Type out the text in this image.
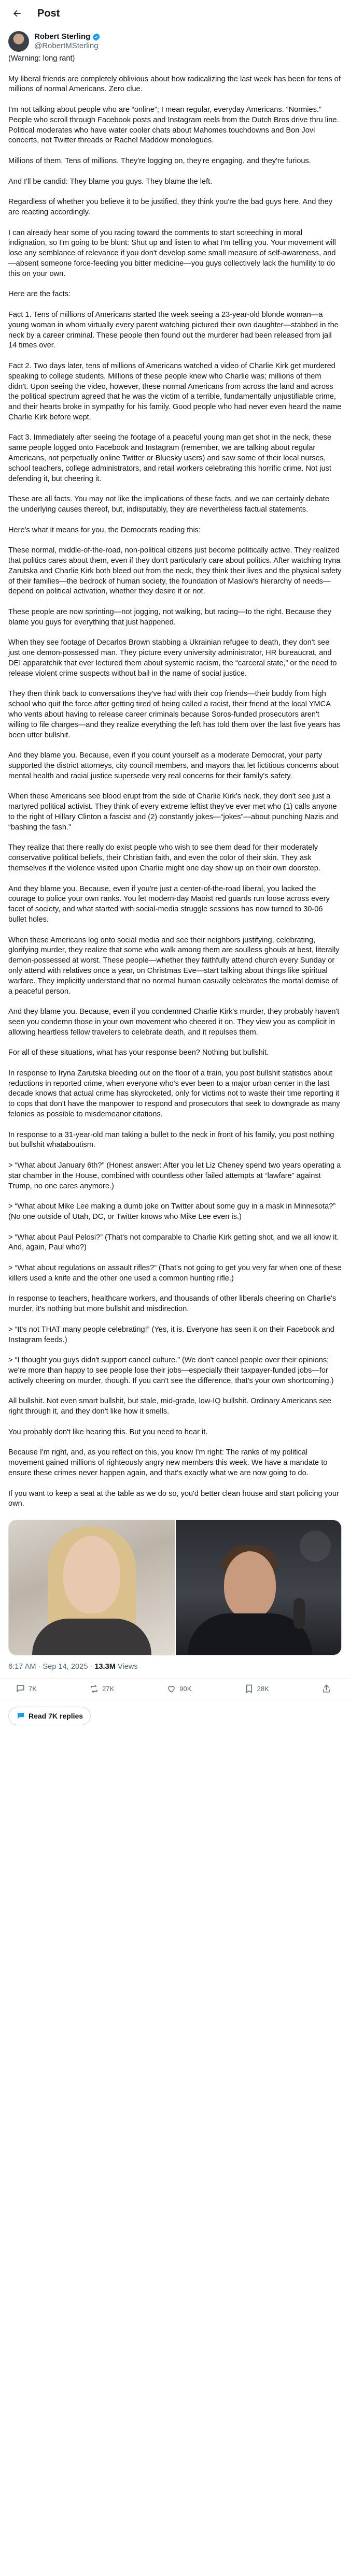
Post
Robert Sterling
@RobertMSterling

(Warning: long rant)

My liberal friends are completely oblivious about how radicalizing the last week has been for tens of millions of normal Americans. Zero clue.

I'm not talking about people who are “online”; I mean regular, everyday Americans. “Normies.” People who scroll through Facebook posts and Instagram reels from the Dutch Bros drive thru line. Political moderates who have water cooler chats about Mahomes touchdowns and Bon Jovi concerts, not Twitter threads or Rachel Maddow monologues.

Millions of them. Tens of millions. They're logging on, they're engaging, and they're furious.

And I'll be candid: They blame you guys. They blame the left.

Regardless of whether you believe it to be justified, they think you're the bad guys here. And they are reacting accordingly.

I can already hear some of you racing toward the comments to start screeching in moral indignation, so I'm going to be blunt: Shut up and listen to what I'm telling you. Your movement will lose any semblance of relevance if you don't develop some small measure of self-awareness, and—absent someone force-feeding you bitter medicine—you guys collectively lack the humility to do this on your own.

Here are the facts:

Fact 1. Tens of millions of Americans started the week seeing a 23-year-old blonde woman—a young woman in whom virtually every parent watching pictured their own daughter—stabbed in the neck by a career criminal. These people then found out the murderer had been released from jail 14 times over.

Fact 2. Two days later, tens of millions of Americans watched a video of Charlie Kirk get murdered speaking to college students. Millions of these people knew who Charlie was; millions of them didn't. Upon seeing the video, however, these normal Americans from across the land and across the political spectrum agreed that he was the victim of a terrible, fundamentally unjustifiable crime, and their hearts broke in sympathy for his family. Good people who had never even heard the name Charlie Kirk before wept.

Fact 3. Immediately after seeing the footage of a peaceful young man get shot in the neck, these same people logged onto Facebook and Instagram (remember, we are talking about regular Americans, not perpetually online Twitter or Bluesky users) and saw some of their local nurses, school teachers, college administrators, and retail workers celebrating this horrific crime. Not just defending it, but cheering it.

These are all facts. You may not like the implications of these facts, and we can certainly debate the underlying causes thereof, but, indisputably, they are nevertheless factual statements.

Here's what it means for you, the Democrats reading this:

These normal, middle-of-the-road, non-political citizens just become politically active. They realized that politics cares about them, even if they don't particularly care about politics. After watching Iryna Zarutska and Charlie Kirk both bleed out from the neck, they think their lives and the physical safety of their families—the bedrock of human society, the foundation of Maslow's hierarchy of needs—depend on political activation, whether they desire it or not.

These people are now sprinting—not jogging, not walking, but racing—to the right. Because they blame you guys for everything that just happened.

When they see footage of Decarlos Brown stabbing a Ukrainian refugee to death, they don't see just one demon-possessed man. They picture every university administrator, HR bureaucrat, and DEI apparatchik that ever lectured them about systemic racism, the “carceral state,” or the need to release violent crime suspects without bail in the name of social justice.

They then think back to conversations they've had with their cop friends—their buddy from high school who quit the force after getting tired of being called a racist, their friend at the local YMCA who vents about having to release career criminals because Soros-funded prosecutors aren't willing to file charges—and they realize everything the left has told them over the last five years has been utter bullshit.

And they blame you. Because, even if you count yourself as a moderate Democrat, your party supported the district attorneys, city council members, and mayors that let fictitious concerns about mental health and racial justice supersede very real concerns for their family's safety.

When these Americans see blood erupt from the side of Charlie Kirk's neck, they don't see just a martyred political activist. They think of every extreme leftist they've ever met who (1) calls anyone to the right of Hillary Clinton a fascist and (2) constantly jokes—“jokes”—about punching Nazis and “bashing the fash.”

They realize that there really do exist people who wish to see them dead for their moderately conservative political beliefs, their Christian faith, and even the color of their skin. They ask themselves if the violence visited upon Charlie might one day show up on their own doorstep.

And they blame you. Because, even if you're just a center-of-the-road liberal, you lacked the courage to police your own ranks. You let modern-day Maoist red guards run loose across every facet of society, and what started with social-media struggle sessions has now turned to 30-06 bullet holes.

When these Americans log onto social media and see their neighbors justifying, celebrating, glorifying murder, they realize that some who walk among them are soulless ghouls at best, literally demon-possessed at worst. These people—whether they faithfully attend church every Sunday or only attend with relatives once a year, on Christmas Eve—start talking about things like spiritual warfare. They implicitly understand that no normal human casually celebrates the mortal demise of a peaceful person.

And they blame you. Because, even if you condemned Charlie Kirk's murder, they probably haven't seen you condemn those in your own movement who cheered it on. They view you as complicit in allowing heartless fellow travelers to celebrate death, and it repulses them.

For all of these situations, what has your response been? Nothing but bullshit.

In response to Iryna Zarutska bleeding out on the floor of a train, you post bullshit statistics about reductions in reported crime, when everyone who's ever been to a major urban center in the last decade knows that actual crime has skyrocketed, only for victims not to waste their time reporting it to cops that don't have the manpower to respond and prosecutors that seek to downgrade as many felonies as possible to misdemeanor citations.

In response to a 31-year-old man taking a bullet to the neck in front of his family, you post nothing but bullshit whataboutism.

> “What about January 6th?” (Honest answer: After you let Liz Cheney spend two years operating a star chamber in the House, combined with countless other failed attempts at “lawfare” against Trump, no one cares anymore.)

> “What about Mike Lee making a dumb joke on Twitter about some guy in a mask in Minnesota?” (No one outside of Utah, DC, or Twitter knows who Mike Lee even is.)

> “What about Paul Pelosi?” (That's not comparable to Charlie Kirk getting shot, and we all know it. And, again, Paul who?)

> “What about regulations on assault rifles?” (That's not going to get you very far when one of these killers used a knife and the other one used a common hunting rifle.)

In response to teachers, healthcare workers, and thousands of other liberals cheering on Charlie's murder, it's nothing but more bullshit and misdirection.

> “It's not THAT many people celebrating!” (Yes, it is. Everyone has seen it on their Facebook and Instagram feeds.)

> “I thought you guys didn't support cancel culture.” (We don't cancel people over their opinions; we're more than happy to see people lose their jobs—especially their taxpayer-funded jobs—for actively cheering on murder, though. If you can't see the difference, that's your own shortcoming.)

All bullshit. Not even smart bullshit, but stale, mid-grade, low-IQ bullshit. Ordinary Americans see right through it, and they don't like how it smells.

You probably don't like hearing this. But you need to hear it.

Because I'm right, and, as you reflect on this, you know I'm right: The ranks of my political movement gained millions of righteously angry new members this week. We have a mandate to ensure these crimes never happen again, and that's exactly what we are now going to do.

If you want to keep a seat at the table as we do so, you'd better clean house and start policing your own.

6:17 AM · Sep 14, 2025 · 13.3M Views
7K	27K	90K	28K
Read 7K replies
